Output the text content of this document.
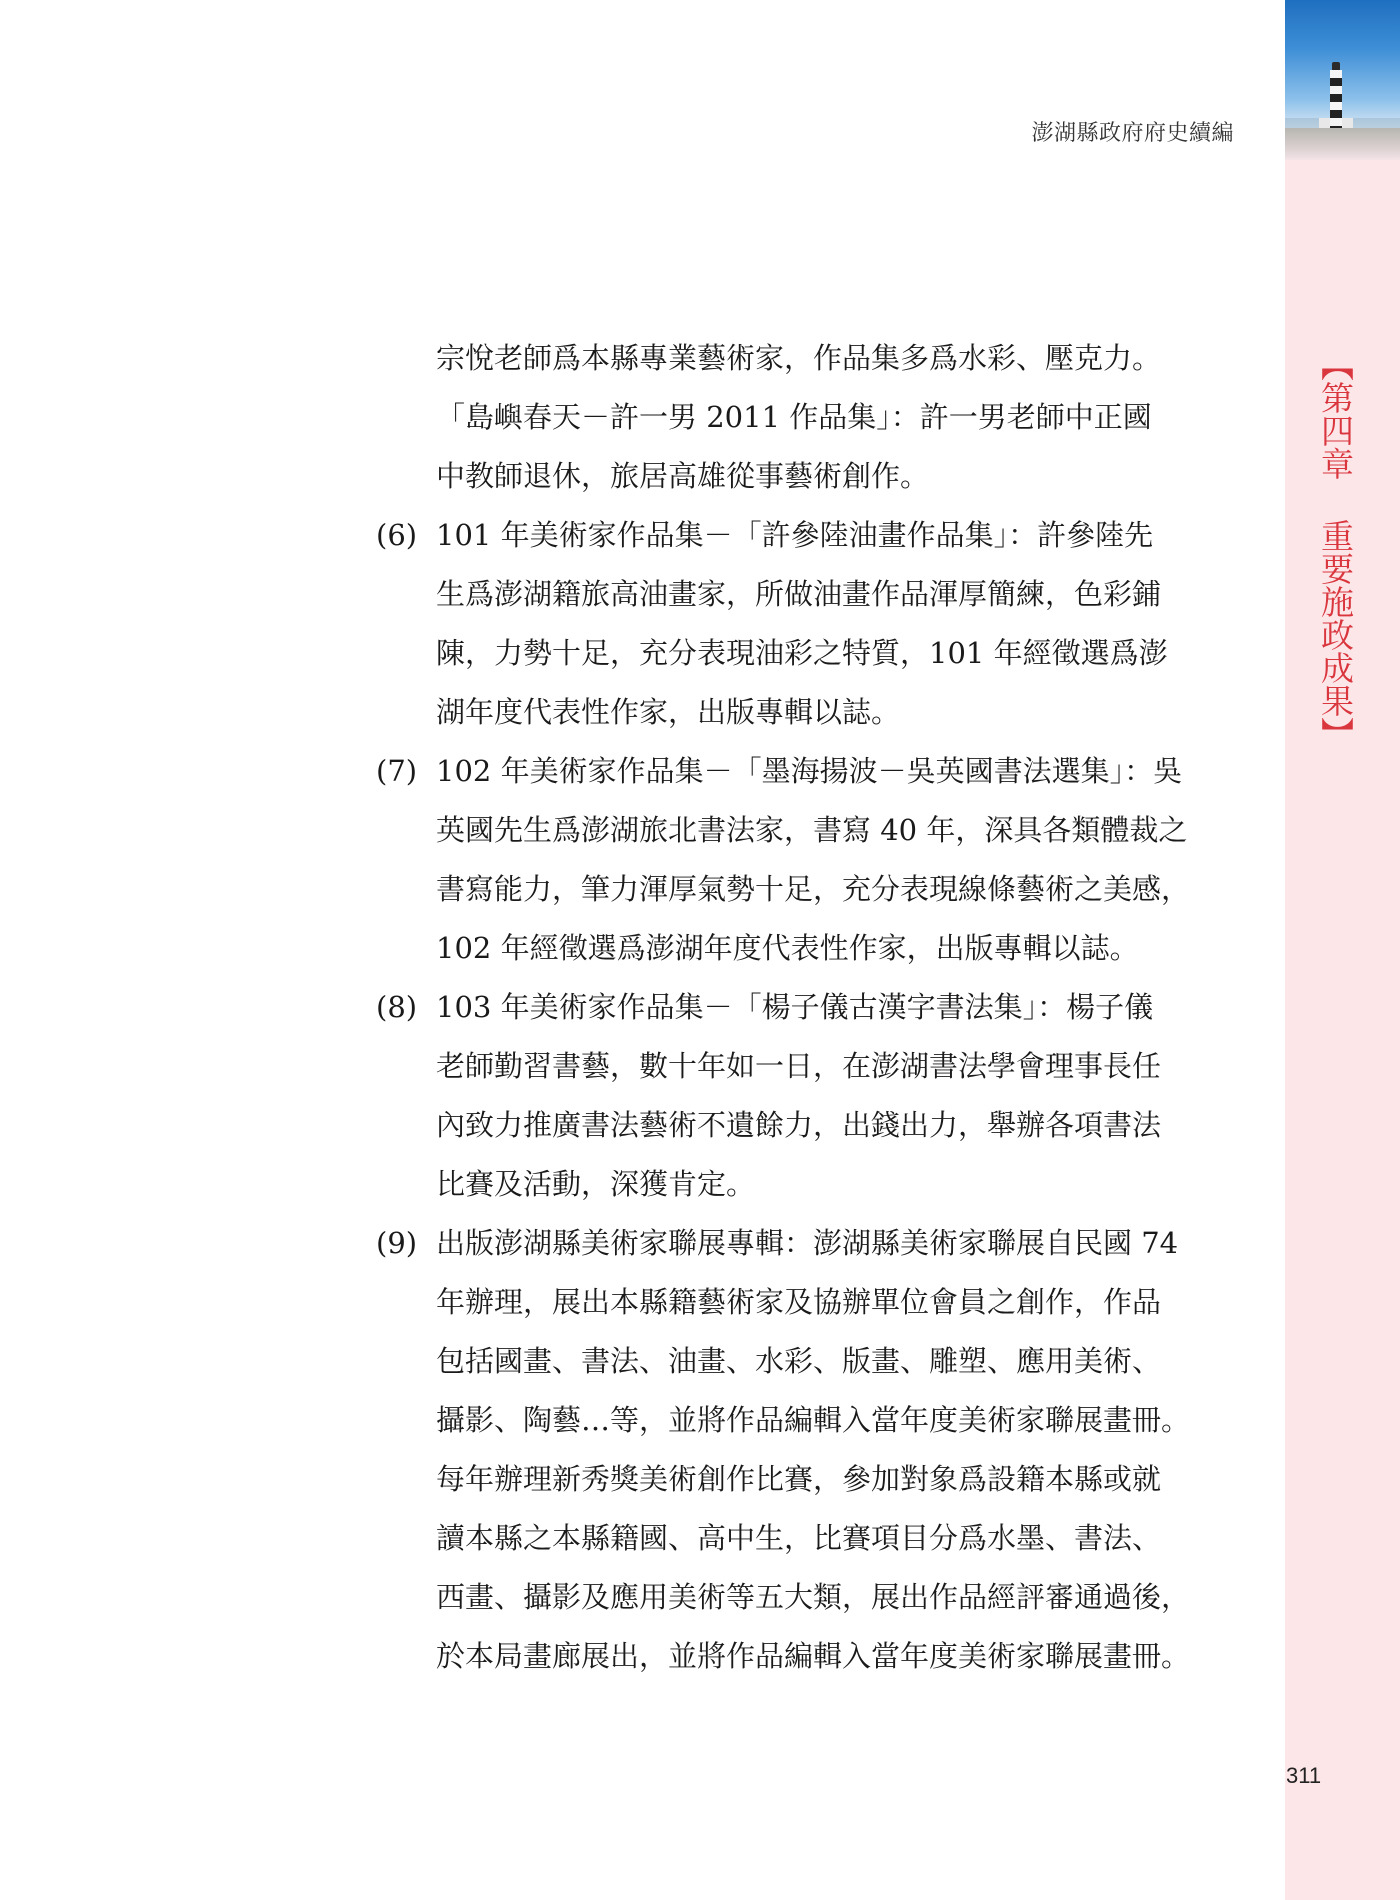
【第四章 重要施政成果】
澎湖縣政府府史續編
宗悅老師爲本縣專業藝術家，作品集多爲水彩、壓克力。
「島嶼春天－許一男 2011 作品集」：許一男老師中正國
中教師退休，旅居高雄從事藝術創作。
(6) 101 年美術家作品集－「許參陸油畫作品集」：許參陸先
生爲澎湖籍旅高油畫家，所做油畫作品渾厚簡練，色彩鋪
陳，力勢十足，充分表現油彩之特質，101 年經徵選爲澎
湖年度代表性作家，出版專輯以誌。
(7) 102 年美術家作品集－「墨海揚波－吳英國書法選集」：吳
英國先生爲澎湖旅北書法家，書寫 40 年，深具各類體裁之
書寫能力，筆力渾厚氣勢十足，充分表現線條藝術之美感，
102 年經徵選爲澎湖年度代表性作家，出版專輯以誌。
(8) 103 年美術家作品集－「楊子儀古漢字書法集」：楊子儀
老師勤習書藝，數十年如一日，在澎湖書法學會理事長任
內致力推廣書法藝術不遺餘力，出錢出力，舉辦各項書法
比賽及活動，深獲肯定。
(9) 出版澎湖縣美術家聯展專輯：澎湖縣美術家聯展自民國 74
年辦理，展出本縣籍藝術家及協辦單位會員之創作，作品
包括國畫、書法、油畫、水彩、版畫、雕塑、應用美術、
攝影、陶藝…等，並將作品編輯入當年度美術家聯展畫冊。
每年辦理新秀獎美術創作比賽，參加對象爲設籍本縣或就
讀本縣之本縣籍國、高中生，比賽項目分爲水墨、書法、
西畫、攝影及應用美術等五大類，展出作品經評審通過後，
於本局畫廊展出，並將作品編輯入當年度美術家聯展畫冊。
311
